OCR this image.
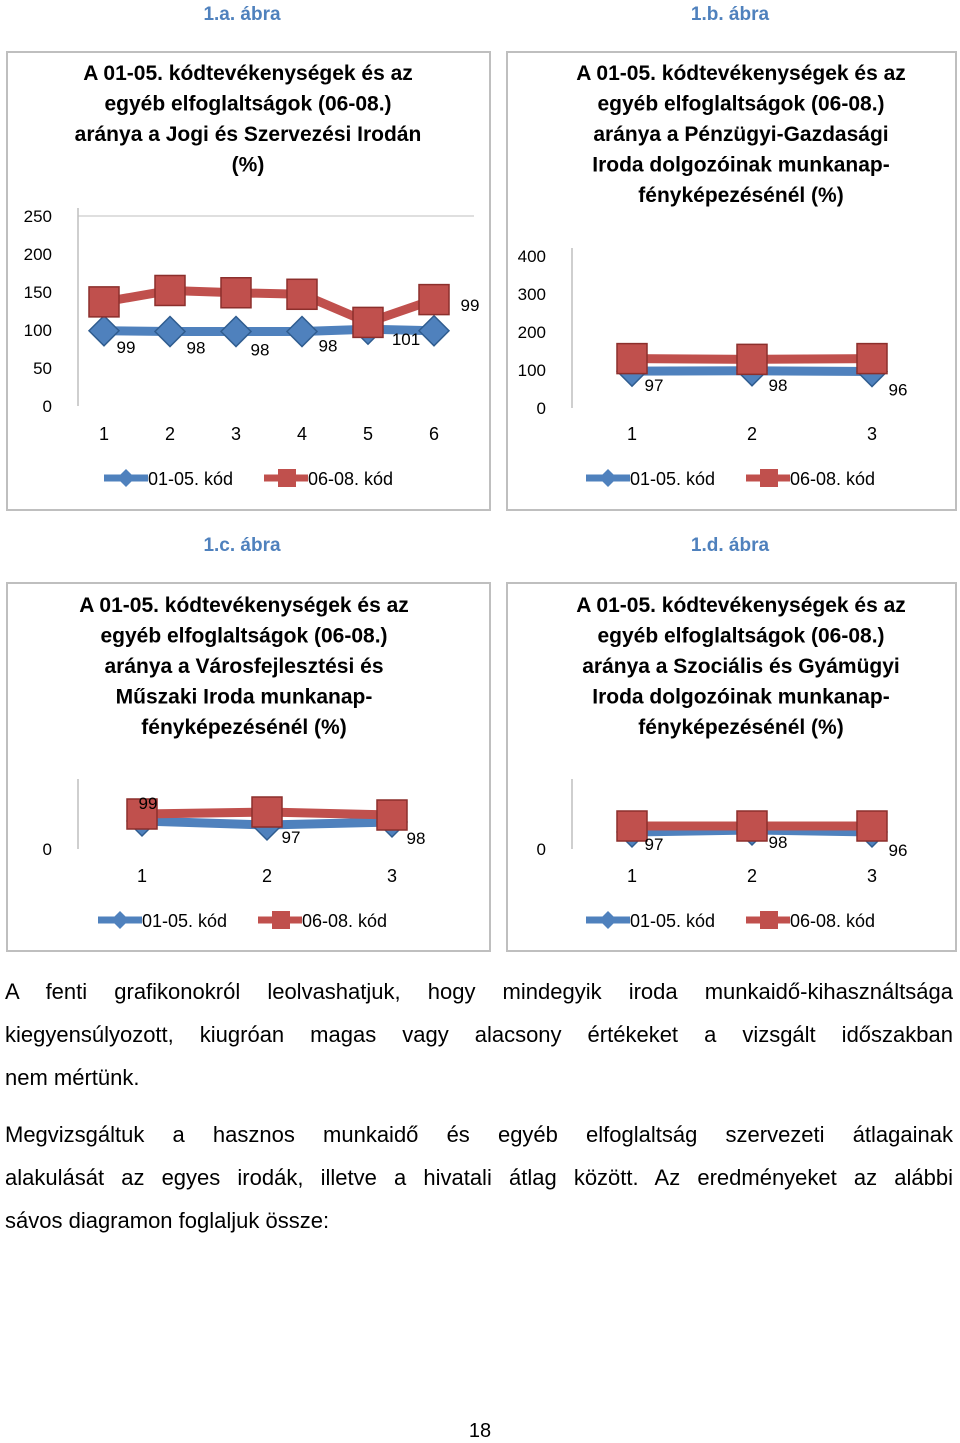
1.a. ábra	1.b. ábra
1.c. ábra	1.d. ábra
A 01-05. kódtevékenységek és az
egyéb elfoglaltságok (06-08.)
aránya a Jogi és Szervezési Irodán
(%)
250
200
150
100
50
0
99	98	98	98	101
99
1	2	3	4	5	6
01-05. kód	06-08. kód
A 01-05. kódtevékenységek és az
egyéb elfoglaltságok (06-08.)
aránya a Pénzügyi-Gazdasági
Iroda dolgozóinak munkanap-
fényképezésénél (%)
400
300
200
100
0
97	98	96
1	2	3
01-05. kód	06-08. kód
A 01-05. kódtevékenységek és az
egyéb elfoglaltságok (06-08.)
aránya a Városfejlesztési és
Műszaki Iroda munkanap-
fényképezésénél (%)
0
99
97	98
1	2	3
01-05. kód	06-08. kód
A 01-05. kódtevékenységek és az
egyéb elfoglaltságok (06-08.)
aránya a Szociális és Gyámügyi
Iroda dolgozóinak munkanap-
fényképezésénél (%)
0	97	98	96
1	2	3
01-05. kód	06-08. kód
A fenti grafikonokról leolvashatjuk, hogy mindegyik iroda munkaidő-kihasználtsága
kiegyensúlyozott, kiugróan magas vagy alacsony értékeket a vizsgált időszakban
nem mértünk.
Megvizsgáltuk a hasznos munkaidő és egyéb elfoglaltság szervezeti átlagainak
alakulását az egyes irodák, illetve a hivatali átlag között. Az eredményeket az alábbi
sávos diagramon foglaljuk össze:
18
